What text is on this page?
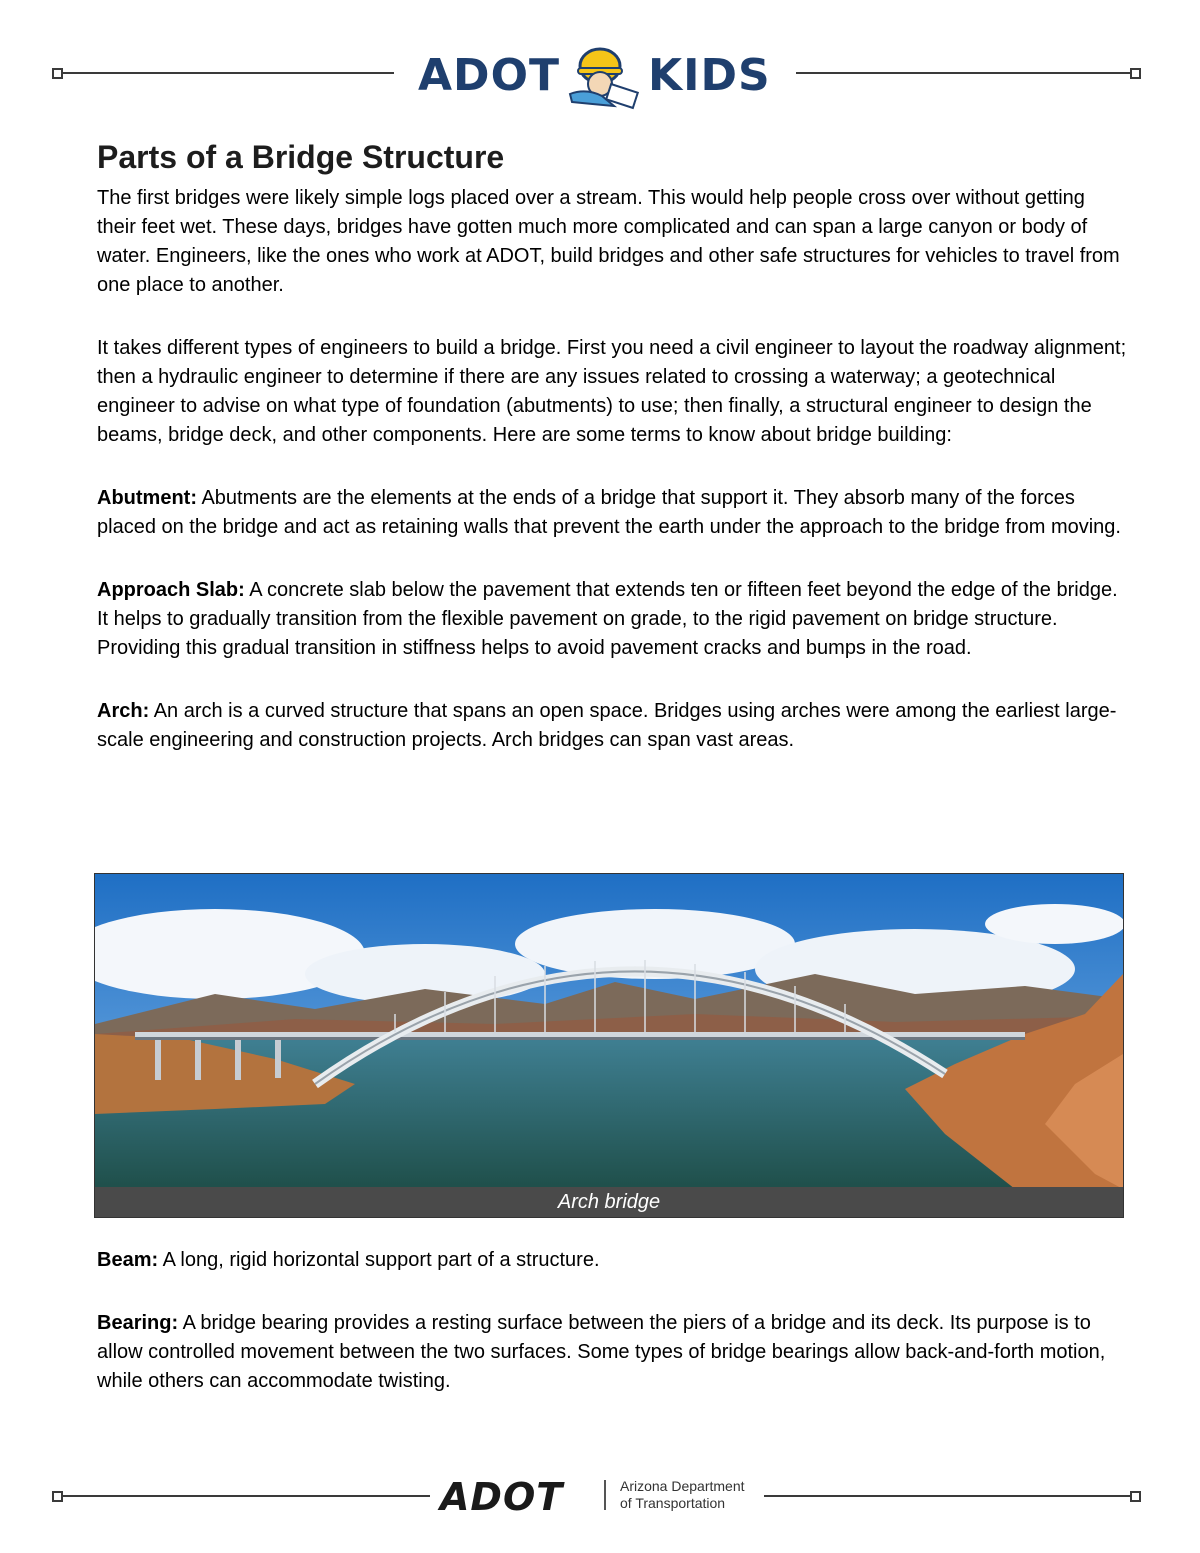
ADOT KIDS
Parts of a Bridge Structure

The first bridges were likely simple logs placed over a stream. This would help people cross over without getting their feet wet. These days, bridges have gotten much more complicated and can span a large canyon or body of water. Engineers, like the ones who work at ADOT, build bridges and other safe structures for vehicles to travel from one place to another.

It takes different types of engineers to build a bridge. First you need a civil engineer to layout the roadway alignment; then a hydraulic engineer to determine if there are any issues related to crossing a waterway; a geotechnical engineer to advise on what type of foundation (abutments) to use; then finally, a structural engineer to design the beams, bridge deck, and other components. Here are some terms to know about bridge building:

Abutment: Abutments are the elements at the ends of a bridge that support it. They absorb many of the forces placed on the bridge and act as retaining walls that prevent the earth under the approach to the bridge from moving.

Approach Slab: A concrete slab below the pavement that extends ten or fifteen feet beyond the edge of the bridge. It helps to gradually transition from the flexible pavement on grade, to the rigid pavement on bridge structure. Providing this gradual transition in stiffness helps to avoid pavement cracks and bumps in the road.

Arch: An arch is a curved structure that spans an open space. Bridges using arches were among the earliest large-scale engineering and construction projects. Arch bridges can span vast areas.

Arch bridge

Beam: A long, rigid horizontal support part of a structure.

Bearing: A bridge bearing provides a resting surface between the piers of a bridge and its deck. Its purpose is to allow controlled movement between the two surfaces. Some types of bridge bearings allow back-and-forth motion, while others can accommodate twisting.

ADOT	Arizona Department
of Transportation
